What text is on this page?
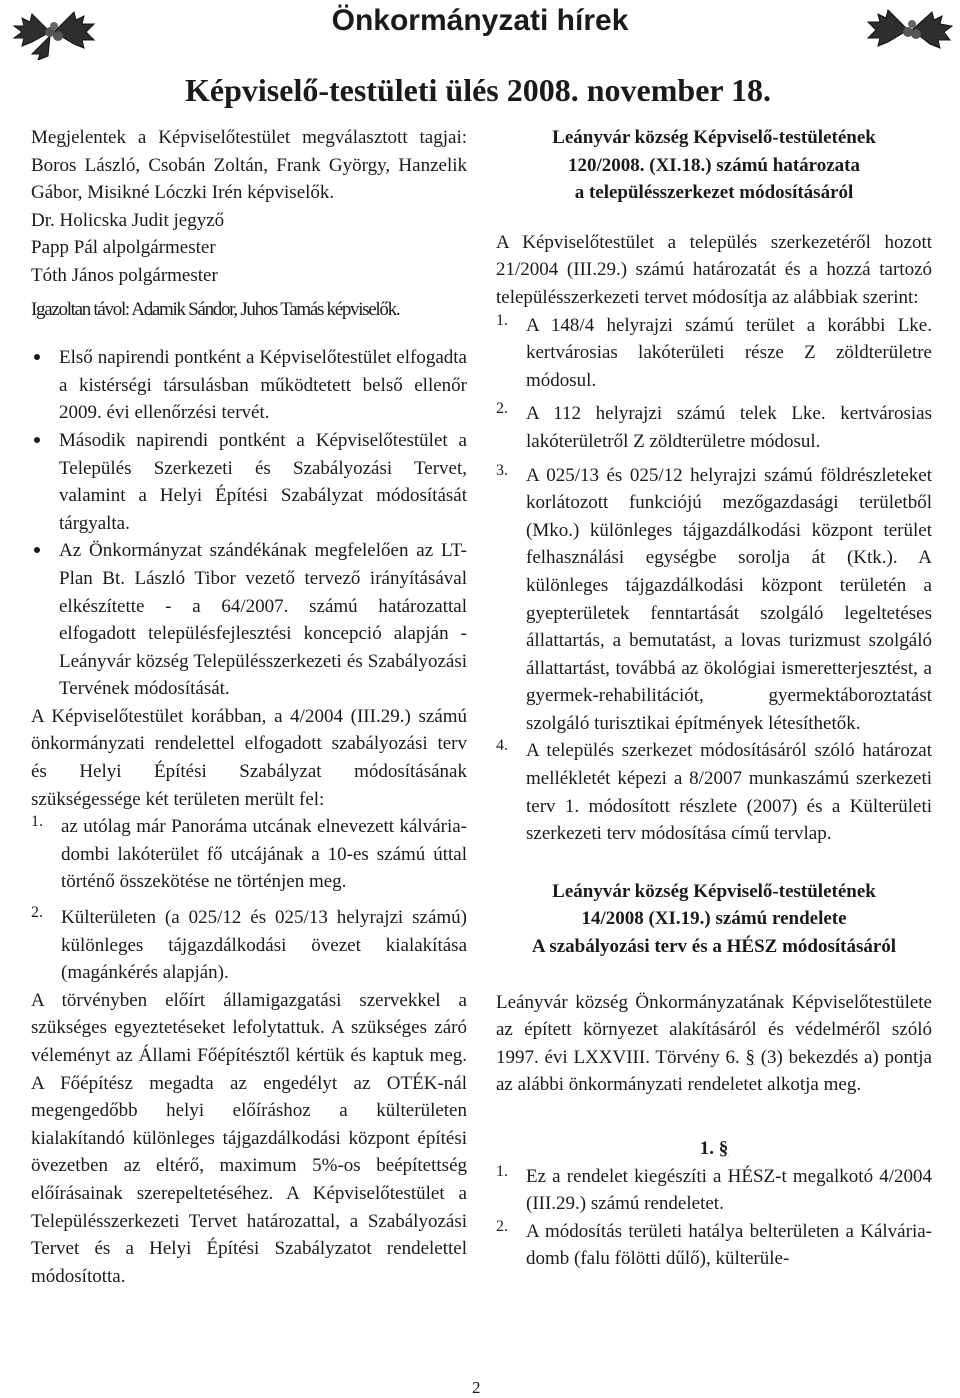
Önkormányzati hírek
Képviselő-testületi ülés 2008. november 18.

Megjelentek a Képviselőtestület megválasztott tagjai: Boros László, Csobán Zoltán, Frank György, Hanzelik Gábor, Misikné Lóczki Irén képviselők.

Dr. Holicska Judit jegyző

Papp Pál alpolgármester

Tóth János polgármester

Igazoltan távol: Adamik Sándor, Juhos Tamás képviselők.

Első napirendi pontként a Képviselőtestület elfogadta a kistérségi társulásban működtetett belső ellenőr 2009. évi ellenőrzési tervét.

Második napirendi pontként a Képviselőtestület a Település Szerkezeti és Szabályozási Tervet, valamint a Helyi Építési Szabályzat módosítását tárgyalta.

Az Önkormányzat szándékának megfelelően az LT-Plan Bt. László Tibor vezető tervező irányításával elkészítette - a 64/2007. számú határozattal elfogadott településfejlesztési koncepció alapján - Leányvár község Településszerkezeti és Szabályozási Tervének módosítását.

A Képviselőtestület korábban, a 4/2004 (III.29.) számú önkormányzati rendelettel elfogadott szabályozási terv és Helyi Építési Szabályzat módosításának szükségessége két területen merült fel:

1. az utólag már Panoráma utcának elnevezett kálvária-dombi lakóterület fő utcájának a 10-es számú úttal történő összekötése ne történjen meg.

2. Külterületen (a 025/12 és 025/13 helyrajzi számú) különleges tájgazdálkodási övezet kialakítása (magánkérés alapján).

A törvényben előírt államigazgatási szervekkel a szükséges egyeztetéseket lefolytattuk. A szükséges záró véleményt az Állami Főépítésztől kértük és kaptuk meg. A Főépítész megadta az engedélyt az OTÉK-nál megengedőbb helyi előíráshoz a külterületen kialakítandó különleges tájgazdálkodási központ építési övezetben az eltérő, maximum 5%-os beépítettség előírásainak szerepeltetéséhez. A Képviselőtestület a Településszerkezeti Tervet határozattal, a Szabályozási Tervet és a Helyi Építési Szabályzatot rendelettel módosította.

Leányvár község Képviselő-testületének
120/2008. (XI.18.) számú határozata
a településszerkezet módosításáról

A Képviselőtestület a település szerkezetéről hozott 21/2004 (III.29.) számú határozatát és a hozzá tartozó településszerkezeti tervet módosítja az alábbiak szerint:

1. A 148/4 helyrajzi számú terület a korábbi Lke. kertvárosias lakóterületi része Z zöldterületre módosul.

2. A 112 helyrajzi számú telek Lke. kertvárosias lakóterületről Z zöldterületre módosul.

3. A 025/13 és 025/12 helyrajzi számú földrészleteket korlátozott funkciójú mezőgazdasági területből (Mko.) különleges tájgazdálkodási központ terület felhasználási egységbe sorolja át (Ktk.). A különleges tájgazdálkodási központ területén a gyepterületek fenntartását szolgáló legeltetéses állattartás, a bemutatást, a lovas turizmust szolgáló állattartást, továbbá az ökológiai ismeretterjesztést, a gyermek-rehabilitációt, gyermektáboroztatást szolgáló turisztikai építmények létesíthetők.

4. A település szerkezet módosításáról szóló határozat mellékletét képezi a 8/2007 munkaszámú szerkezeti terv 1. módosított részlete (2007) és a Külterületi szerkezeti terv módosítása című tervlap.

Leányvár község Képviselő-testületének
14/2008 (XI.19.) számú rendelete
A szabályozási terv és a HÉSZ módosításáról

Leányvár község Önkormányzatának Képviselőtestülete az épített környezet alakításáról és védelméről szóló 1997. évi LXXVIII. Törvény 6. § (3) bekezdés a) pontja az alábbi önkormányzati rendeletet alkotja meg.

1. §
1. Ez a rendelet kiegészíti a HÉSZ-t megalkotó 4/2004 (III.29.) számú rendeletet.

2. A módosítás területi hatálya belterületen a Kálvária-domb (falu fölötti dűlő), külterüle-

2
